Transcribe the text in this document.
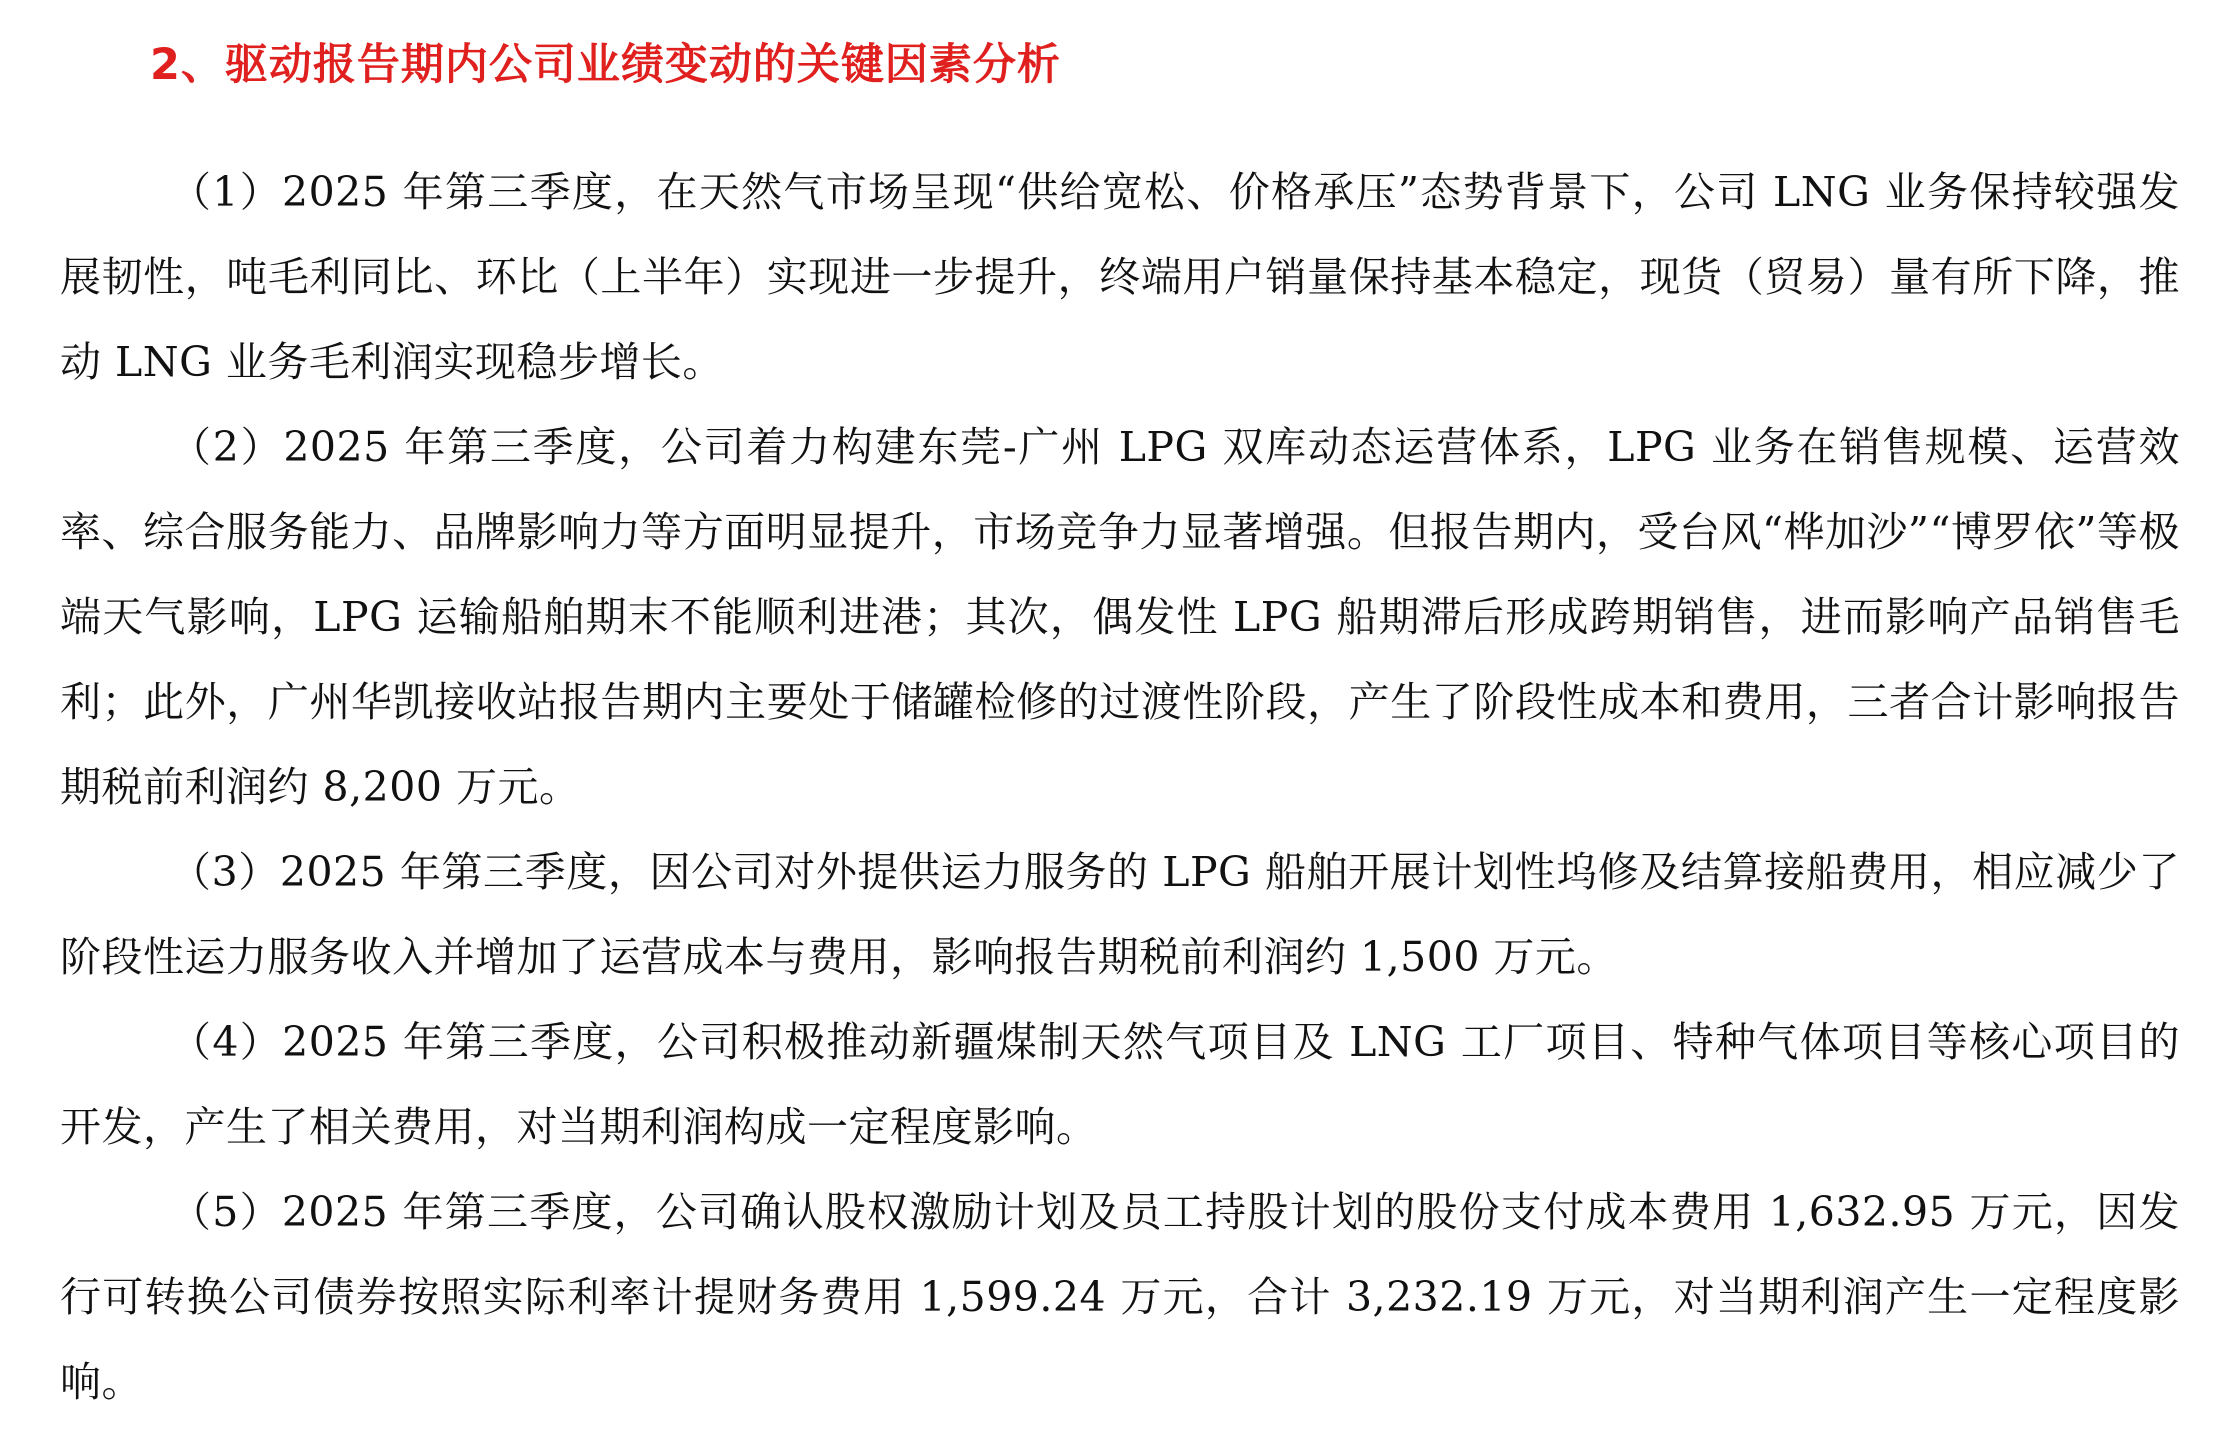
2、驱动报告期内公司业绩变动的关键因素分析

（1）2025 年第三季度，在天然气市场呈现“供给宽松、价格承压”态势背景下，公司 LNG 业务保持较强发展韧性，吨毛利同比、环比（上半年）实现进一步提升，终端用户销量保持基本稳定，现货（贸易）量有所下降，推动 LNG 业务毛利润实现稳步增长。

（2）2025 年第三季度，公司着力构建东莞-广州 LPG 双库动态运营体系，LPG 业务在销售规模、运营效率、综合服务能力、品牌影响力等方面明显提升，市场竞争力显著增强。但报告期内，受台风“桦加沙”“博罗依”等极端天气影响，LPG 运输船舶期末不能顺利进港；其次，偶发性 LPG 船期滞后形成跨期销售，进而影响产品销售毛利；此外，广州华凯接收站报告期内主要处于储罐检修的过渡性阶段，产生了阶段性成本和费用，三者合计影响报告期税前利润约 8,200 万元。

（3）2025 年第三季度，因公司对外提供运力服务的 LPG 船舶开展计划性坞修及结算接船费用，相应减少了阶段性运力服务收入并增加了运营成本与费用，影响报告期税前利润约 1,500 万元。

（4）2025 年第三季度，公司积极推动新疆煤制天然气项目及 LNG 工厂项目、特种气体项目等核心项目的开发，产生了相关费用，对当期利润构成一定程度影响。

（5）2025 年第三季度，公司确认股权激励计划及员工持股计划的股份支付成本费用 1,632.95 万元，因发行可转换公司债券按照实际利率计提财务费用 1,599.24 万元，合计 3,232.19 万元，对当期利润产生一定程度影响。
